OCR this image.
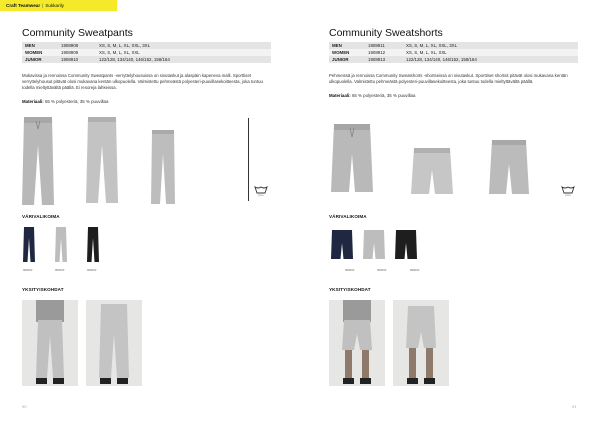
Craft Teamwear | Sukkarily
Community Sweatpants
MEN	1908908	XS, S, M, L, XL, XXL, 3XL
WOMEN	1908909	XS, S, M, L, XL, XXL
JUNIOR	1908910	122/128, 134/140, 146/152, 158/164
Mukavissa ja rennoissa Community Sweatpants -verryttelyhousuissa on sivutaskut ja alaspäin kapeneva malli. Sporttiset verryttelyhousut pitävät olosi mukavana kentän ulkopuolella. Valmistettu pehmeästä polyesteri-puuvillasekoitteesta, joka tuntuu todella mieltyttävältä päällä. Ei resoreja lahkeissa.
Materiaali: 65 % polyesteriä, 35 % puuvillaa
pesu
VÄRIVALIKOIMA
990000	950000	999000
YKSITYISKOHDAT
90
Community Sweatshorts
MEN	1908911	XS, S, M, L, XL, XXL, 3XL
WOMEN	1908912	XS, S, M, L, XL, XXL
JUNIOR	1908913	122/128, 134/140, 146/152, 158/164
Pehmeissä ja rennoissa Community Sweatshorts -shortseissa on sivutaskut. Sporttiset shortsit pitävät olosi mukavana kentän ulkopuolella. Valmistettu pehmeästä polyesteri-puuvillasekoitteesta, joka tuntuu todella mieltyttävältä päällä.
Materiaali: 65 % polyesteriä, 35 % puuvillaa
pesu
VÄRIVALIKOIMA
990000	950000	999000
YKSITYISKOHDAT
91
